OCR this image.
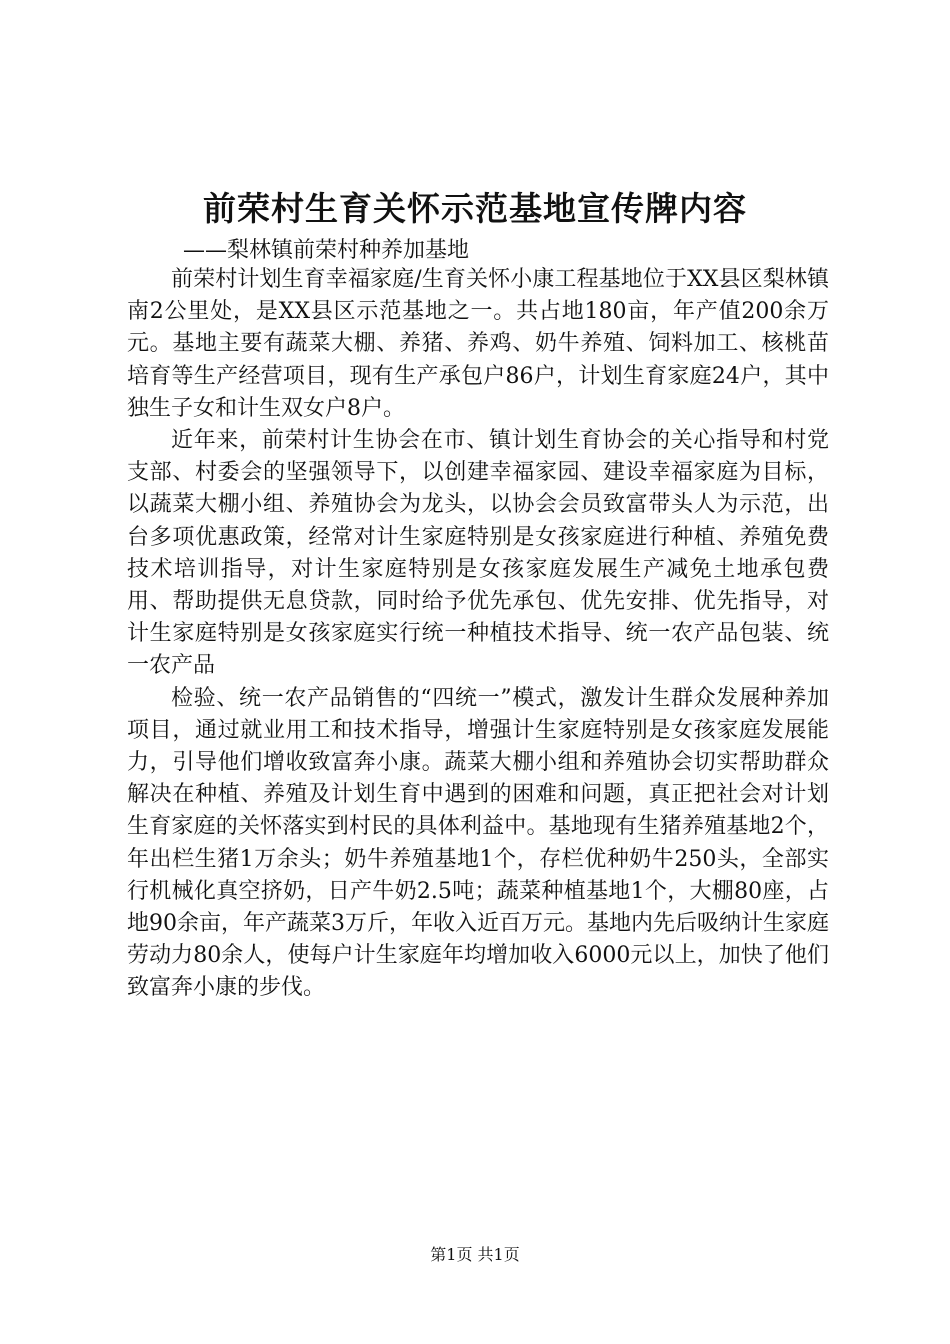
前荣村生育关怀示范基地宣传牌内容

——梨林镇前荣村种养加基地

前荣村计划生育幸福家庭/生育关怀小康工程基地位于XX县区梨林镇南2公里处，是XX县区示范基地之一。共占地180亩，年产值200余万元。基地主要有蔬菜大棚、养猪、养鸡、奶牛养殖、饲料加工、核桃苗培育等生产经营项目，现有生产承包户86户，计划生育家庭24户，其中独生子女和计生双女户8户。

近年来，前荣村计生协会在市、镇计划生育协会的关心指导和村党支部、村委会的坚强领导下，以创建幸福家园、建设幸福家庭为目标，以蔬菜大棚小组、养殖协会为龙头，以协会会员致富带头人为示范，出台多项优惠政策，经常对计生家庭特别是女孩家庭进行种植、养殖免费技术培训指导，对计生家庭特别是女孩家庭发展生产减免土地承包费用、帮助提供无息贷款，同时给予优先承包、优先安排、优先指导，对计生家庭特别是女孩家庭实行统一种植技术指导、统一农产品包装、统一农产品

检验、统一农产品销售的“四统一”模式，激发计生群众发展种养加项目，通过就业用工和技术指导，增强计生家庭特别是女孩家庭发展能力，引导他们增收致富奔小康。蔬菜大棚小组和养殖协会切实帮助群众解决在种植、养殖及计划生育中遇到的困难和问题，真正把社会对计划生育家庭的关怀落实到村民的具体利益中。基地现有生猪养殖基地2个，年出栏生猪1万余头；奶牛养殖基地1个，存栏优种奶牛250头，全部实行机械化真空挤奶，日产牛奶2.5吨；蔬菜种植基地1个，大棚80座，占地90余亩，年产蔬菜3万斤，年收入近百万元。基地内先后吸纳计生家庭劳动力80余人，使每户计生家庭年均增加收入6000元以上，加快了他们致富奔小康的步伐。

第1页 共1页
